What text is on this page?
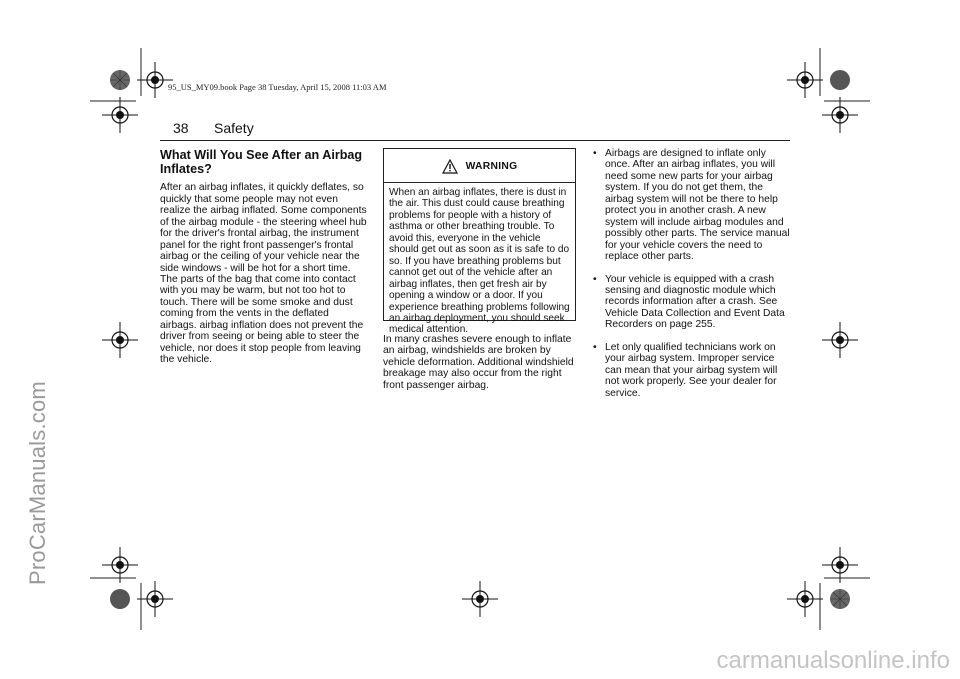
95_US_MY09.book Page 38 Tuesday, April 15, 2008 11:03 AM
38 Safety
What Will You See After an Airbag Inflates?

After an airbag inflates, it quickly deflates, so quickly that some people may not even realize the airbag inflated. Some components of the airbag module - the steering wheel hub for the driver's frontal airbag, the instrument panel for the right front passenger's frontal airbag or the ceiling of your vehicle near the side windows - will be hot for a short time. The parts of the bag that come into contact with you may be warm, but not too hot to touch. There will be some smoke and dust coming from the vents in the deflated airbags. airbag inflation does not prevent the driver from seeing or being able to steer the vehicle, nor does it stop people from leaving the vehicle.

WARNING
When an airbag inflates, there is dust in the air. This dust could cause breathing problems for people with a history of asthma or other breathing trouble. To avoid this, everyone in the vehicle should get out as soon as it is safe to do so. If you have breathing problems but cannot get out of the vehicle after an airbag inflates, then get fresh air by opening a window or a door. If you experience breathing problems following an airbag deployment, you should seek medical attention.

In many crashes severe enough to inflate an airbag, windshields are broken by vehicle deformation. Additional windshield breakage may also occur from the right front passenger airbag.

• Airbags are designed to inflate only once. After an airbag inflates, you will need some new parts for your airbag system. If you do not get them, the airbag system will not be there to help protect you in another crash. A new system will include airbag modules and possibly other parts. The service manual for your vehicle covers the need to replace other parts.
• Your vehicle is equipped with a crash sensing and diagnostic module which records information after a crash. See Vehicle Data Collection and Event Data Recorders on page 255.
• Let only qualified technicians work on your airbag system. Improper service can mean that your airbag system will not work properly. See your dealer for service.
ProCarManuals.com
carmanualsonline.info
